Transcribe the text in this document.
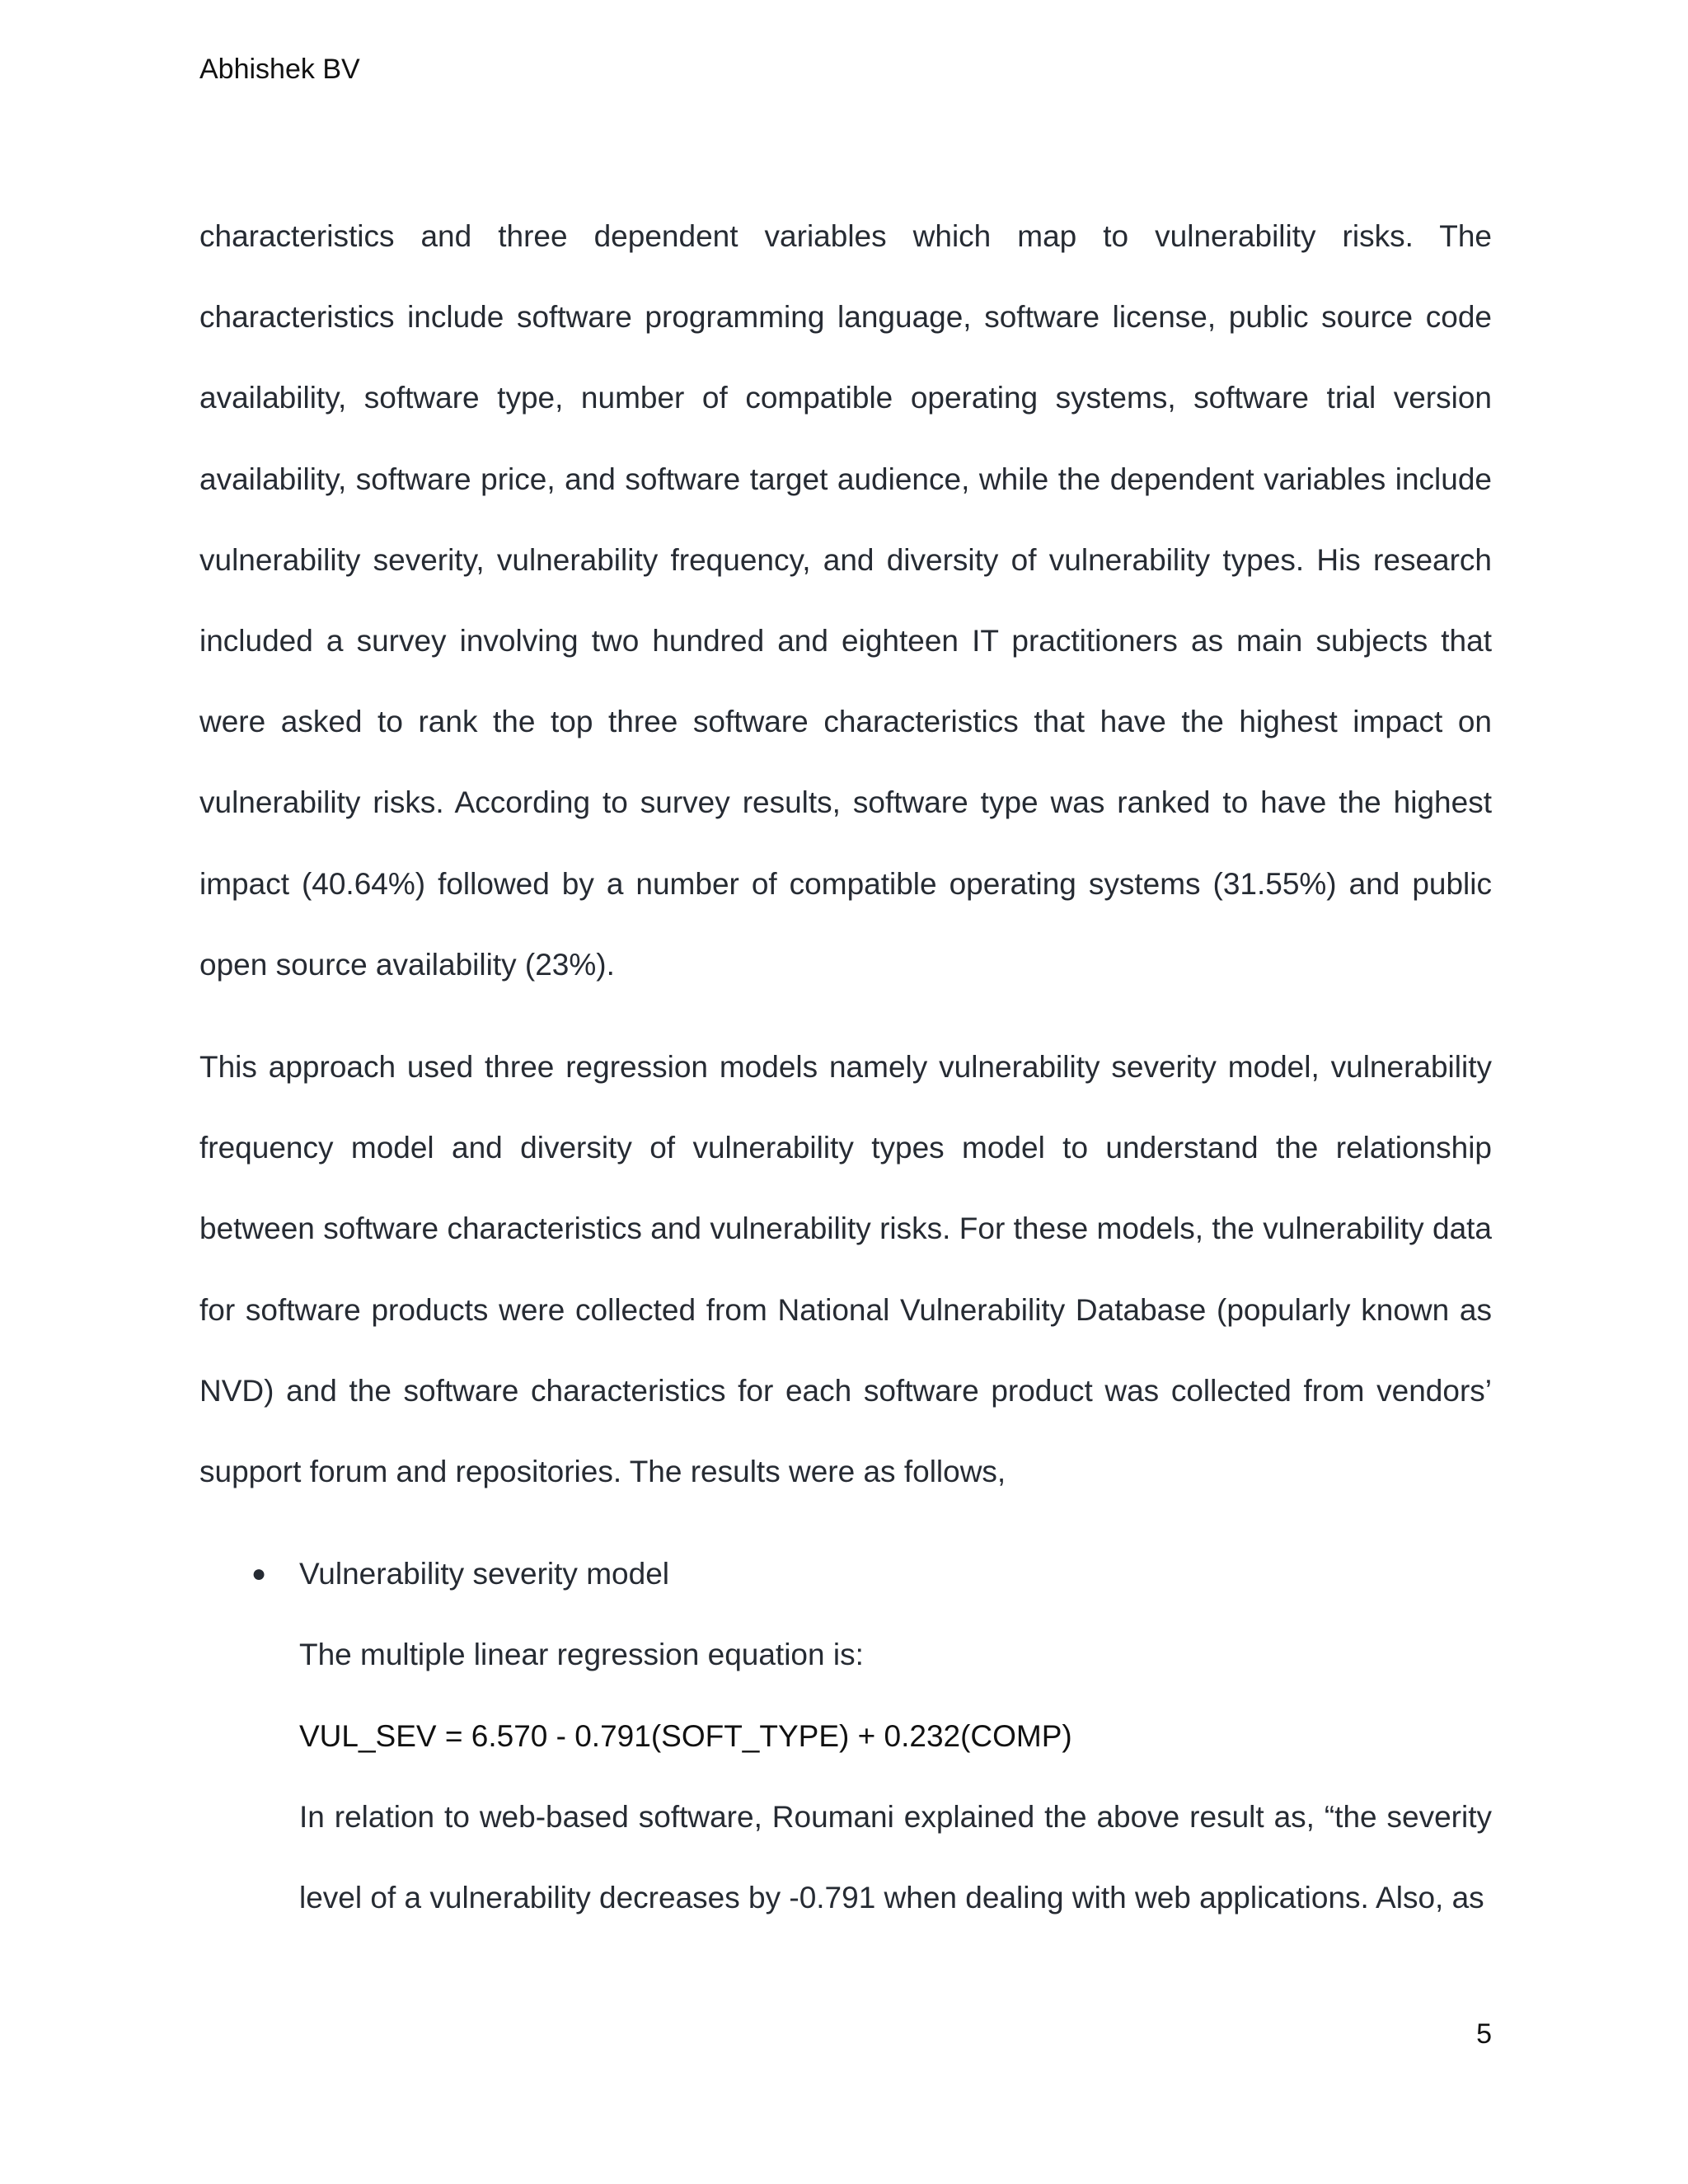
Abhishek BV

characteristics and three dependent variables which map to vulnerability risks. The characteristics include software programming language, software license, public source code availability, software type, number of compatible operating systems, software trial version availability, software price, and software target audience, while the dependent variables include vulnerability severity, vulnerability frequency, and diversity of vulnerability types. His research included a survey involving two hundred and eighteen IT practitioners as main subjects that were asked to rank the top three software characteristics that have the highest impact on vulnerability risks. According to survey results, software type was ranked to have the highest impact (40.64%) followed by a number of compatible operating systems (31.55%) and public open source availability (23%).

This approach used three regression models namely vulnerability severity model, vulnerability frequency model and diversity of vulnerability types model to understand the relationship between software characteristics and vulnerability risks. For these models, the vulnerability data for software products were collected from National Vulnerability Database (popularly known as NVD) and the software characteristics for each software product was collected from vendors’ support forum and repositories. The results were as follows,

● Vulnerability severity model
The multiple linear regression equation is:
VUL_SEV = 6.570 - 0.791(SOFT_TYPE) + 0.232(COMP)

In relation to web-based software, Roumani explained the above result as, “the severity level of a vulnerability decreases by -0.791 when dealing with web applications. Also, as

5
